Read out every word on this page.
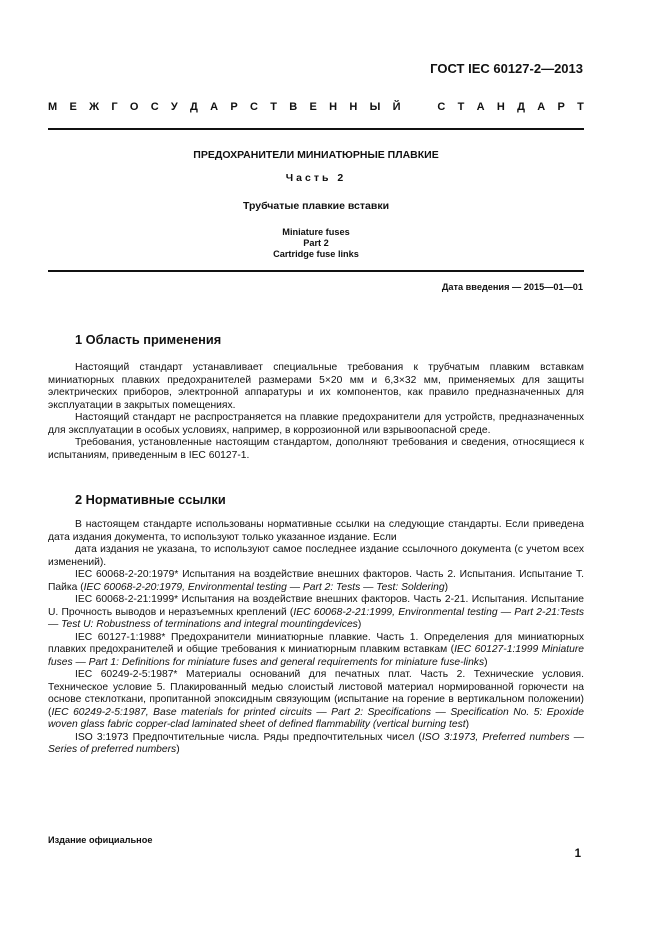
ГОСТ IEC 60127-2—2013
М Е Ж Г О С У Д А Р С Т В Е Н Н Ы Й	С Т А Н Д А Р Т
ПРЕДОХРАНИТЕЛИ МИНИАТЮРНЫЕ ПЛАВКИЕ
Часть 2
Трубчатые плавкие вставки
Miniature fuses
Part 2
Cartridge fuse links
Дата введения — 2015—01—01
1 Область применения

Настоящий стандарт устанавливает специальные требования к трубчатым плавким вставкам миниатюрных плавких предохранителей размерами 5×20 мм и 6,3×32 мм, применяемых для защиты электрических приборов, электронной аппаратуры и их компонентов, как правило предназначенных для эксплуатации в закрытых помещениях.

Настоящий стандарт не распространяется на плавкие предохранители для устройств, предназначенных для эксплуатации в особых условиях, например, в коррозионной или взрывоопасной среде.

Требования, установленные настоящим стандартом, дополняют требования и сведения, относящиеся к испытаниям, приведенным в IEC 60127-1.

2 Нормативные ссылки

В настоящем стандарте использованы нормативные ссылки на следующие стандарты. Если приведена дата издания документа, то используют только указанное издание. Если

дата издания не указана, то используют самое последнее издание ссылочного документа (с учетом всех изменений).

IEC 60068-2-20:1979* Испытания на воздействие внешних факторов. Часть 2. Испытания. Испытание Т. Пайка (IEC 60068-2-20:1979, Environmental testing — Part 2: Tests — Test: Soldering)

IEC 60068-2-21:1999* Испытания на воздействие внешних факторов. Часть 2-21. Испытания. Испытание U. Прочность выводов и неразъемных креплений (IEC 60068-2-21:1999, Environmental testing — Part 2-21:Tests — Test U: Robustness of terminations and integral mountingdevices)

IEC 60127-1:1988* Предохранители миниатюрные плавкие. Часть 1. Определения для миниатюрных плавких предохранителей и общие требования к миниатюрным плавким вставкам (IEC 60127-1:1999 Miniature fuses — Part 1: Definitions for miniature fuses and general requirements for miniature fuse-links)

IEC 60249-2-5:1987* Материалы оснований для печатных плат. Часть 2. Технические условия. Техническое условие 5. Плакированный медью слоистый листовой материал нормированной горючести на основе стеклоткани, пропитанной эпоксидным связующим (испытание на горение в вертикальном положении) (IEC 60249-2-5:1987, Base materials for printed circuits — Part 2: Specifications — Specification No. 5: Epoxide woven glass fabric copper-clad laminated sheet of defined flammability (vertical burning test)

ISO 3:1973 Предпочтительные числа. Ряды предпочтительных чисел (ISO 3:1973, Preferred numbers — Series of preferred numbers)

Издание официальное
1
